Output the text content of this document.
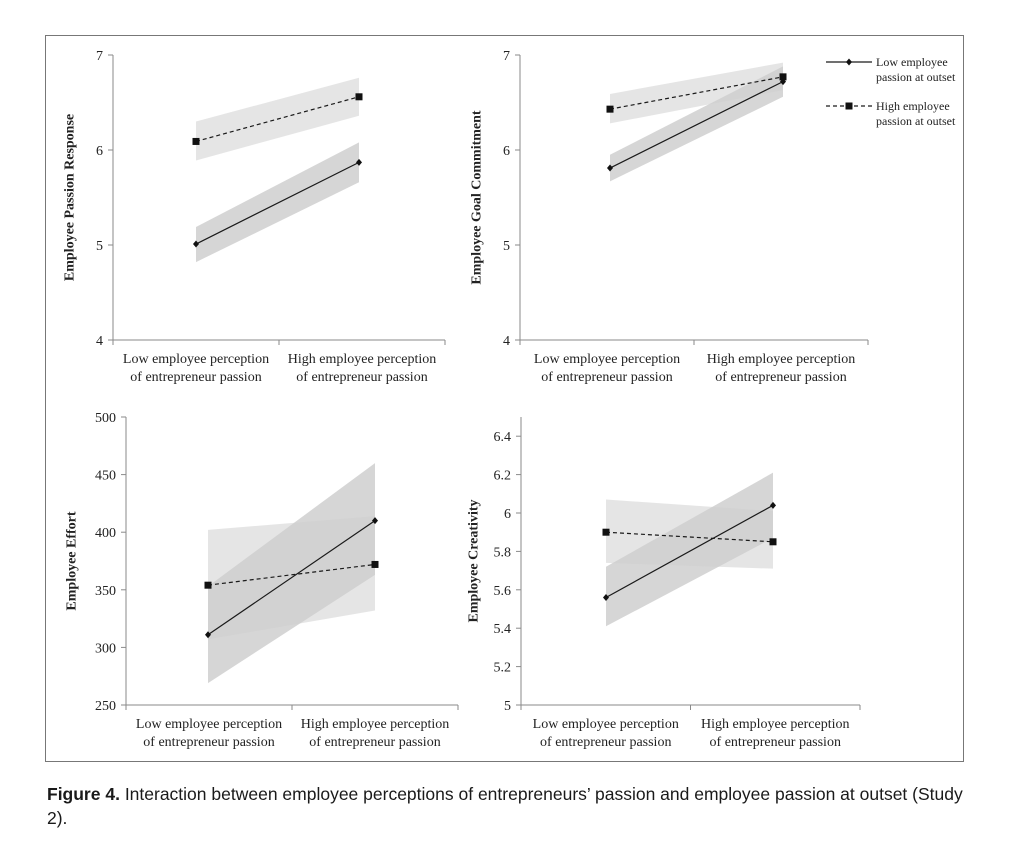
4
5
6
7
Employee Passion Response
Low employee perception
of entrepreneur passion
High employee perception
of entrepreneur passion
4
5
6
7
Employee Goal Commitment
Low employee perception
of entrepreneur passion
High employee perception
of entrepreneur passion
250
300
350
400
450
500
Employee Effort
Low employee perception
of entrepreneur passion
High employee perception
of entrepreneur passion
5
5.2
5.4
5.6
5.8
6
6.2
6.4
Employee Creativity
Low employee perception
of entrepreneur passion
High employee perception
of entrepreneur passion
Low employee
passion at outset
High employee
passion at outset
Figure 4. Interaction between employee perceptions of entrepreneurs’ passion and employee passion at outset (Study 2).
